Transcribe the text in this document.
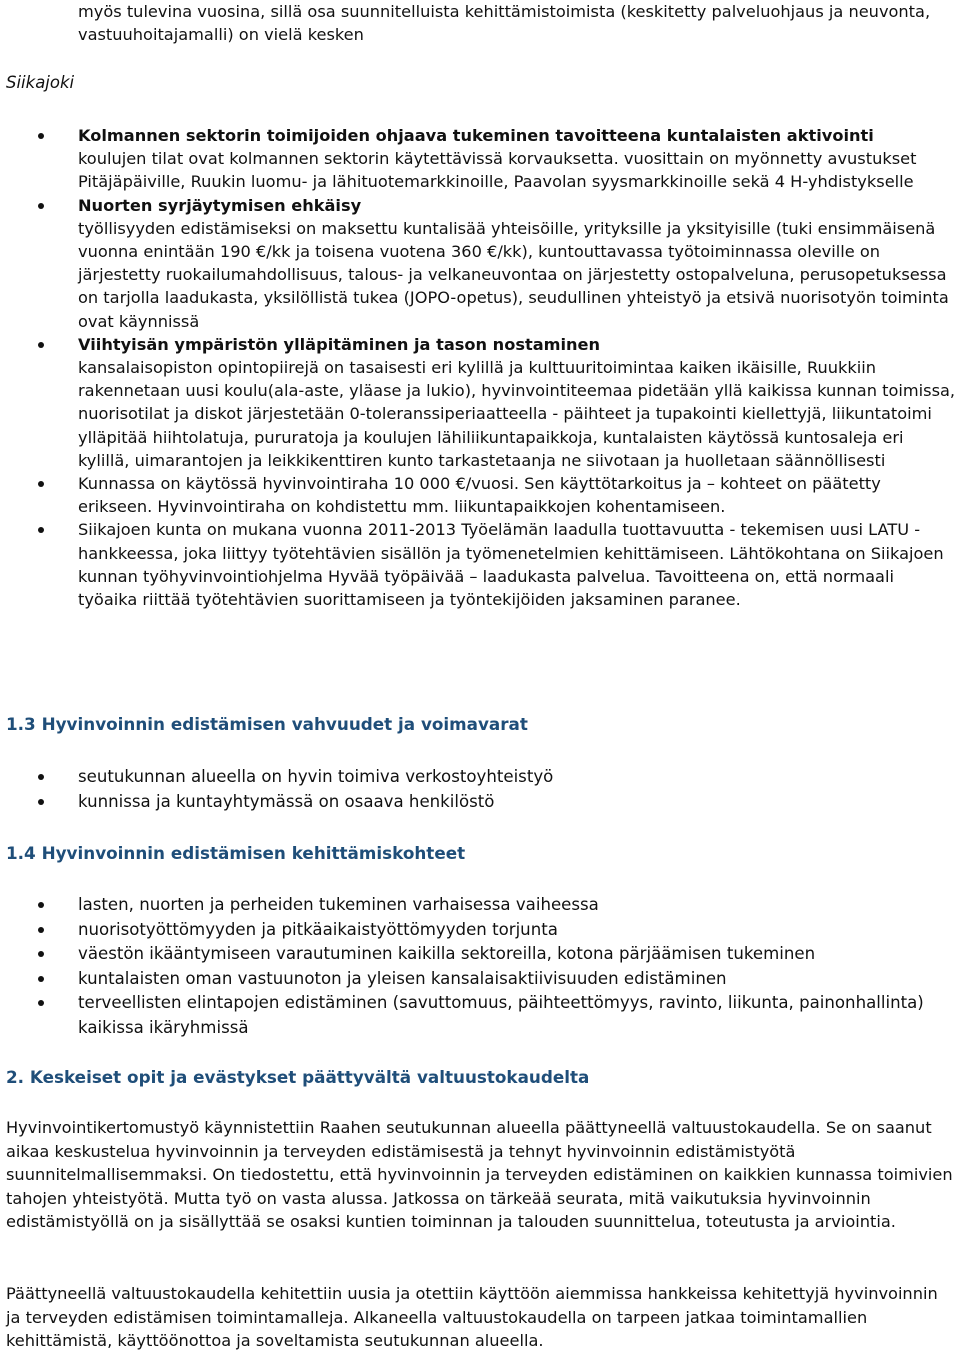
myös tulevina vuosina, sillä osa suunnitelluista kehittämistoimista (keskitetty palveluohjaus ja neuvonta, vastuuhoitajamalli) on vielä kesken
Siikajoki
Kolmannen sektorin toimijoiden ohjaava tukeminen tavoitteena kuntalaisten aktivointi
koulujen tilat ovat kolmannen sektorin käytettävissä korvauksetta. vuosittain on myönnetty avustukset Pitäjäpäiville, Ruukin luomu- ja lähituotemarkkinoille, Paavolan syysmarkkinoille sekä 4 H-yhdistykselle
Nuorten syrjäytymisen ehkäisy
työllisyyden edistämiseksi on maksettu kuntalisää yhteisöille, yrityksille ja yksityisille (tuki ensimmäisenä vuonna enintään 190 €/kk ja toisena vuotena 360 €/kk), kuntouttavassa työtoiminnassa oleville on järjestetty ruokailumahdollisuus, talous- ja velkaneuvontaa on järjestetty ostopalveluna, perusopetuksessa on tarjolla laadukasta, yksilöllistä tukea (JOPO-opetus), seudullinen yhteistyö ja etsivä nuorisotyön toiminta ovat käynnissä
Viihtyisän ympäristön ylläpitäminen ja tason nostaminen
kansalaisopiston opintopiirejä on tasaisesti eri kylillä ja kulttuuritoimintaa kaiken ikäisille, Ruukkiin rakennetaan uusi koulu(ala-aste, yläase ja lukio), hyvinvointiteemaa pidetään yllä kaikissa kunnan toimissa, nuorisotilat ja diskot järjestetään 0-toleranssiperiaatteella - päihteet ja tupakointi kiellettyjä, liikuntatoimi ylläpitää hiihtolatuja, pururatoja ja koulujen lähiliikuntapaikkoja, kuntalaisten käytössä kuntosaleja eri kylillä, uimarantojen ja leikkikenttiren kunto tarkastetaanja ne siivotaan ja huolletaan säännöllisesti
Kunnassa on käytössä hyvinvointiraha 10 000 €/vuosi. Sen käyttötarkoitus ja – kohteet on päätetty erikseen. Hyvinvointiraha on kohdistettu mm. liikuntapaikkojen kohentamiseen.
Siikajoen kunta on mukana vuonna 2011-2013 Työelämän laadulla tuottavuutta - tekemisen uusi LATU -hankkeessa, joka liittyy työtehtävien sisällön ja työmenetelmien kehittämiseen. Lähtökohtana on Siikajoen kunnan työhyvinvointiohjelma Hyvää työpäivää – laadukasta palvelua. Tavoitteena on, että normaali työaika riittää työtehtävien suorittamiseen ja työntekijöiden jaksaminen paranee.
1.3 Hyvinvoinnin edistämisen vahvuudet ja voimavarat
seutukunnan alueella on hyvin toimiva verkostoyhteistyö
kunnissa ja kuntayhtymässä on osaava henkilöstö
1.4 Hyvinvoinnin edistämisen kehittämiskohteet
lasten, nuorten ja perheiden tukeminen varhaisessa vaiheessa
nuorisotyöttömyyden ja pitkäaikaistyöttömyyden torjunta
väestön ikääntymiseen varautuminen kaikilla sektoreilla, kotona pärjäämisen tukeminen
kuntalaisten oman vastuunoton ja yleisen kansalaisaktiivisuuden edistäminen
terveellisten elintapojen edistäminen (savuttomuus, päihteettömyys, ravinto, liikunta, painonhallinta) kaikissa ikäryhmissä
2. Keskeiset opit ja evästykset päättyvältä valtuustokaudelta
Hyvinvointikertomustyö käynnistettiin Raahen seutukunnan alueella päättyneellä valtuustokaudella. Se on saanut aikaa keskustelua hyvinvoinnin ja terveyden edistämisestä ja tehnyt hyvinvoinnin edistämistyötä suunnitelmallisemmaksi. On tiedostettu, että hyvinvoinnin ja terveyden edistäminen on kaikkien kunnassa toimivien tahojen yhteistyötä. Mutta työ on vasta alussa. Jatkossa on tärkeää seurata, mitä vaikutuksia hyvinvoinnin edistämistyöllä on ja sisällyttää se osaksi kuntien toiminnan ja talouden suunnittelua, toteutusta ja arviointia.
Päättyneellä valtuustokaudella kehitettiin uusia ja otettiin käyttöön aiemmissa hankkeissa kehitettyjä hyvinvoinnin ja terveyden edistämisen toimintamalleja. Alkaneella valtuustokaudella on tarpeen jatkaa toimintamallien kehittämistä, käyttöönottoa ja soveltamista seutukunnan alueella.
